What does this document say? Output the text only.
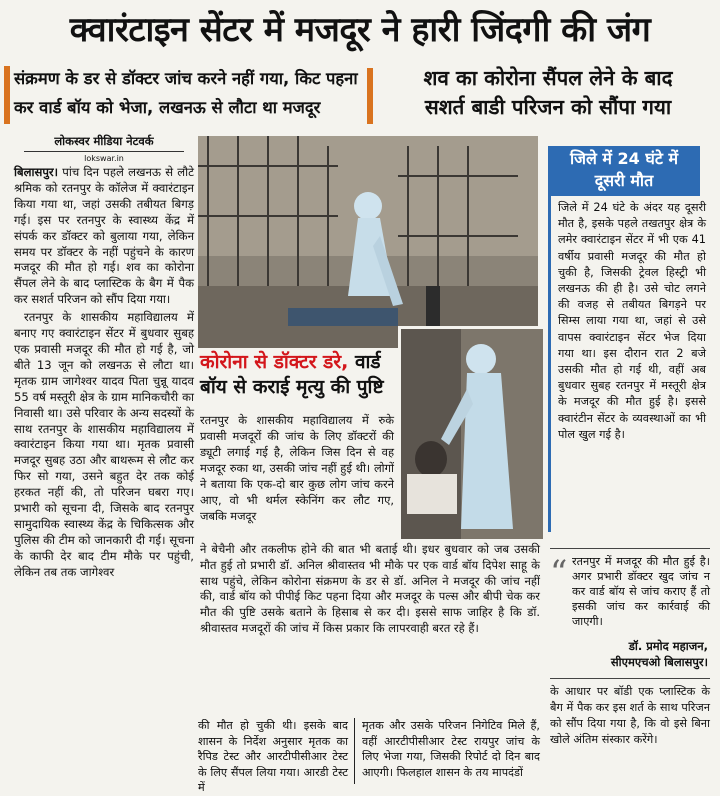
क्वारंटाइन सेंटर में मजदूर ने हारी जिंदगी की जंग
संक्रमण के डर से डॉक्टर जांच करने नहीं गया, किट पहना
कर वार्ड बॉय को भेजा, लखनऊ से लौटा था मजदूर
शव का कोरोना सैंपल लेने के बाद
सशर्त बाडी परिजन को सौंपा गया
लोकस्वर मीडिया नेटवर्क
lokswar.in

बिलासपुर। पांच दिन पहले लखनऊ से लौटे श्रमिक को रतनपुर के कॉलेज में क्वारंटाइन किया गया था, जहां उसकी तबीयत बिगड़ गई। इस पर रतनपुर के स्वास्थ्य केंद्र में संपर्क कर डॉक्टर को बुलाया गया, लेकिन समय पर डॉक्टर के नहीं पहुंचने के कारण मजदूर की मौत हो गई। शव का कोरोना सैंपल लेने के बाद प्लास्टिक के बैग में पैक कर सशर्त परिजन को सौंप दिया गया।

रतनपुर के शासकीय महाविद्यालय में बनाए गए क्वारंटाइन सेंटर में बुधवार सुबह एक प्रवासी मजदूर की मौत हो गई है, जो बीते 13 जून को लखनऊ से लौटा था। मृतक ग्राम जागेश्वर यादव पिता चुन्नू यादव 55 वर्ष मस्तूरी क्षेत्र के ग्राम मानिकचौरी का निवासी था। उसे परिवार के अन्य सदस्यों के साथ रतनपुर के शासकीय महाविद्यालय में क्वारंटाइन किया गया था। मृतक प्रवासी मजदूर सुबह उठा और बाथरूम से लौट कर फिर सो गया, उसने बहुत देर तक कोई हरकत नहीं की, तो परिजन घबरा गए। प्रभारी को सूचना दी, जिसके बाद रतनपुर सामुदायिक स्वास्थ्य केंद्र के चिकित्सक और पुलिस की टीम को जानकारी दी गई। सूचना के काफी देर बाद टीम मौके पर पहुंची, लेकिन तब तक जागेश्वर

कोरोना से डॉक्टर डरे, वार्ड
बॉय से कराई मृत्यु की पुष्टि
रतनपुर के शासकीय महाविद्यालय में रुके प्रवासी मजदूरों की जांच के लिए डॉक्टरों की ड्यूटी लगाई गई है, लेकिन जिस दिन से वह मजदूर रुका था, उसकी जांच नहीं हुई थी। लोगों ने बताया कि एक-दो बार कुछ लोग जांच करने आए, वो भी थर्मल स्केनिंग कर लौट गए, जबकि मजदूर
ने बेचैनी और तकलीफ होने की बात भी बताई थी। इधर बुधवार को जब उसकी मौत हुई तो प्रभारी डॉ. अनिल श्रीवास्तव भी मौके पर एक वार्ड बॉय दिपेश साहू के साथ पहुंचे, लेकिन कोरोना संक्रमण के डर से डॉ. अनिल ने मजदूर की जांच नहीं की, वार्ड बॉय को पीपीई किट पहना दिया और मजदूर के पल्स और बीपी चेक कर मौत की पुष्टि उसके बताने के हिसाब से कर दी। इससे साफ जाहिर है कि डॉ. श्रीवास्तव मजदूरों की जांच में किस प्रकार कि लापरवाही बरत रहे हैं।
की मौत हो चुकी थी। इसके बाद शासन के निर्देश अनुसार मृतक का रैपिड टेस्ट और आरटीपीसीआर टेस्ट के लिए सैंपल लिया गया। आरडी टेस्ट में
मृतक और उसके परिजन निगेटिव मिले हैं, वहीं आरटीपीसीआर टेस्ट रायपुर जांच के लिए भेजा गया, जिसकी रिपोर्ट दो दिन बाद आएगी। फिलहाल शासन के तय मापदंडों
जिले में 24 घंटे में
दूसरी मौत
जिले में 24 घंटे के अंदर यह दूसरी मौत है, इसके पहले तखतपुर क्षेत्र के लमेर क्वारंटाइन सेंटर में भी एक 41 वर्षीय प्रवासी मजदूर की मौत हो चुकी है, जिसकी ट्रेवल हिस्ट्री भी लखनऊ की ही है। उसे चोट लगने की वजह से तबीयत बिगड़ने पर सिम्स लाया गया था, जहां से उसे वापस क्वारंटाइन सेंटर भेज दिया गया था। इस दौरान रात 2 बजे उसकी मौत हो गई थी, वहीं अब बुधवार सुबह रतनपुर में मस्तूरी क्षेत्र के मजदूर की मौत हुई है। इससे क्वारंटीन सेंटर के व्यवस्थाओं का भी पोल खुल गई है।
“ रतनपुर में मजदूर की मौत हुई है। अगर प्रभारी डॉक्टर खुद जांच न कर वार्ड बॉय से जांच कराए हैं तो इसकी जांच कर कार्रवाई की जाएगी।
डॉ. प्रमोद महाजन,
सीएमएचओ बिलासपुर।
के आधार पर बॉडी एक प्लास्टिक के बैग में पैक कर इस शर्त के साथ परिजन को सौंप दिया गया है, कि वो इसे बिना खोले अंतिम संस्कार करेंगे।
